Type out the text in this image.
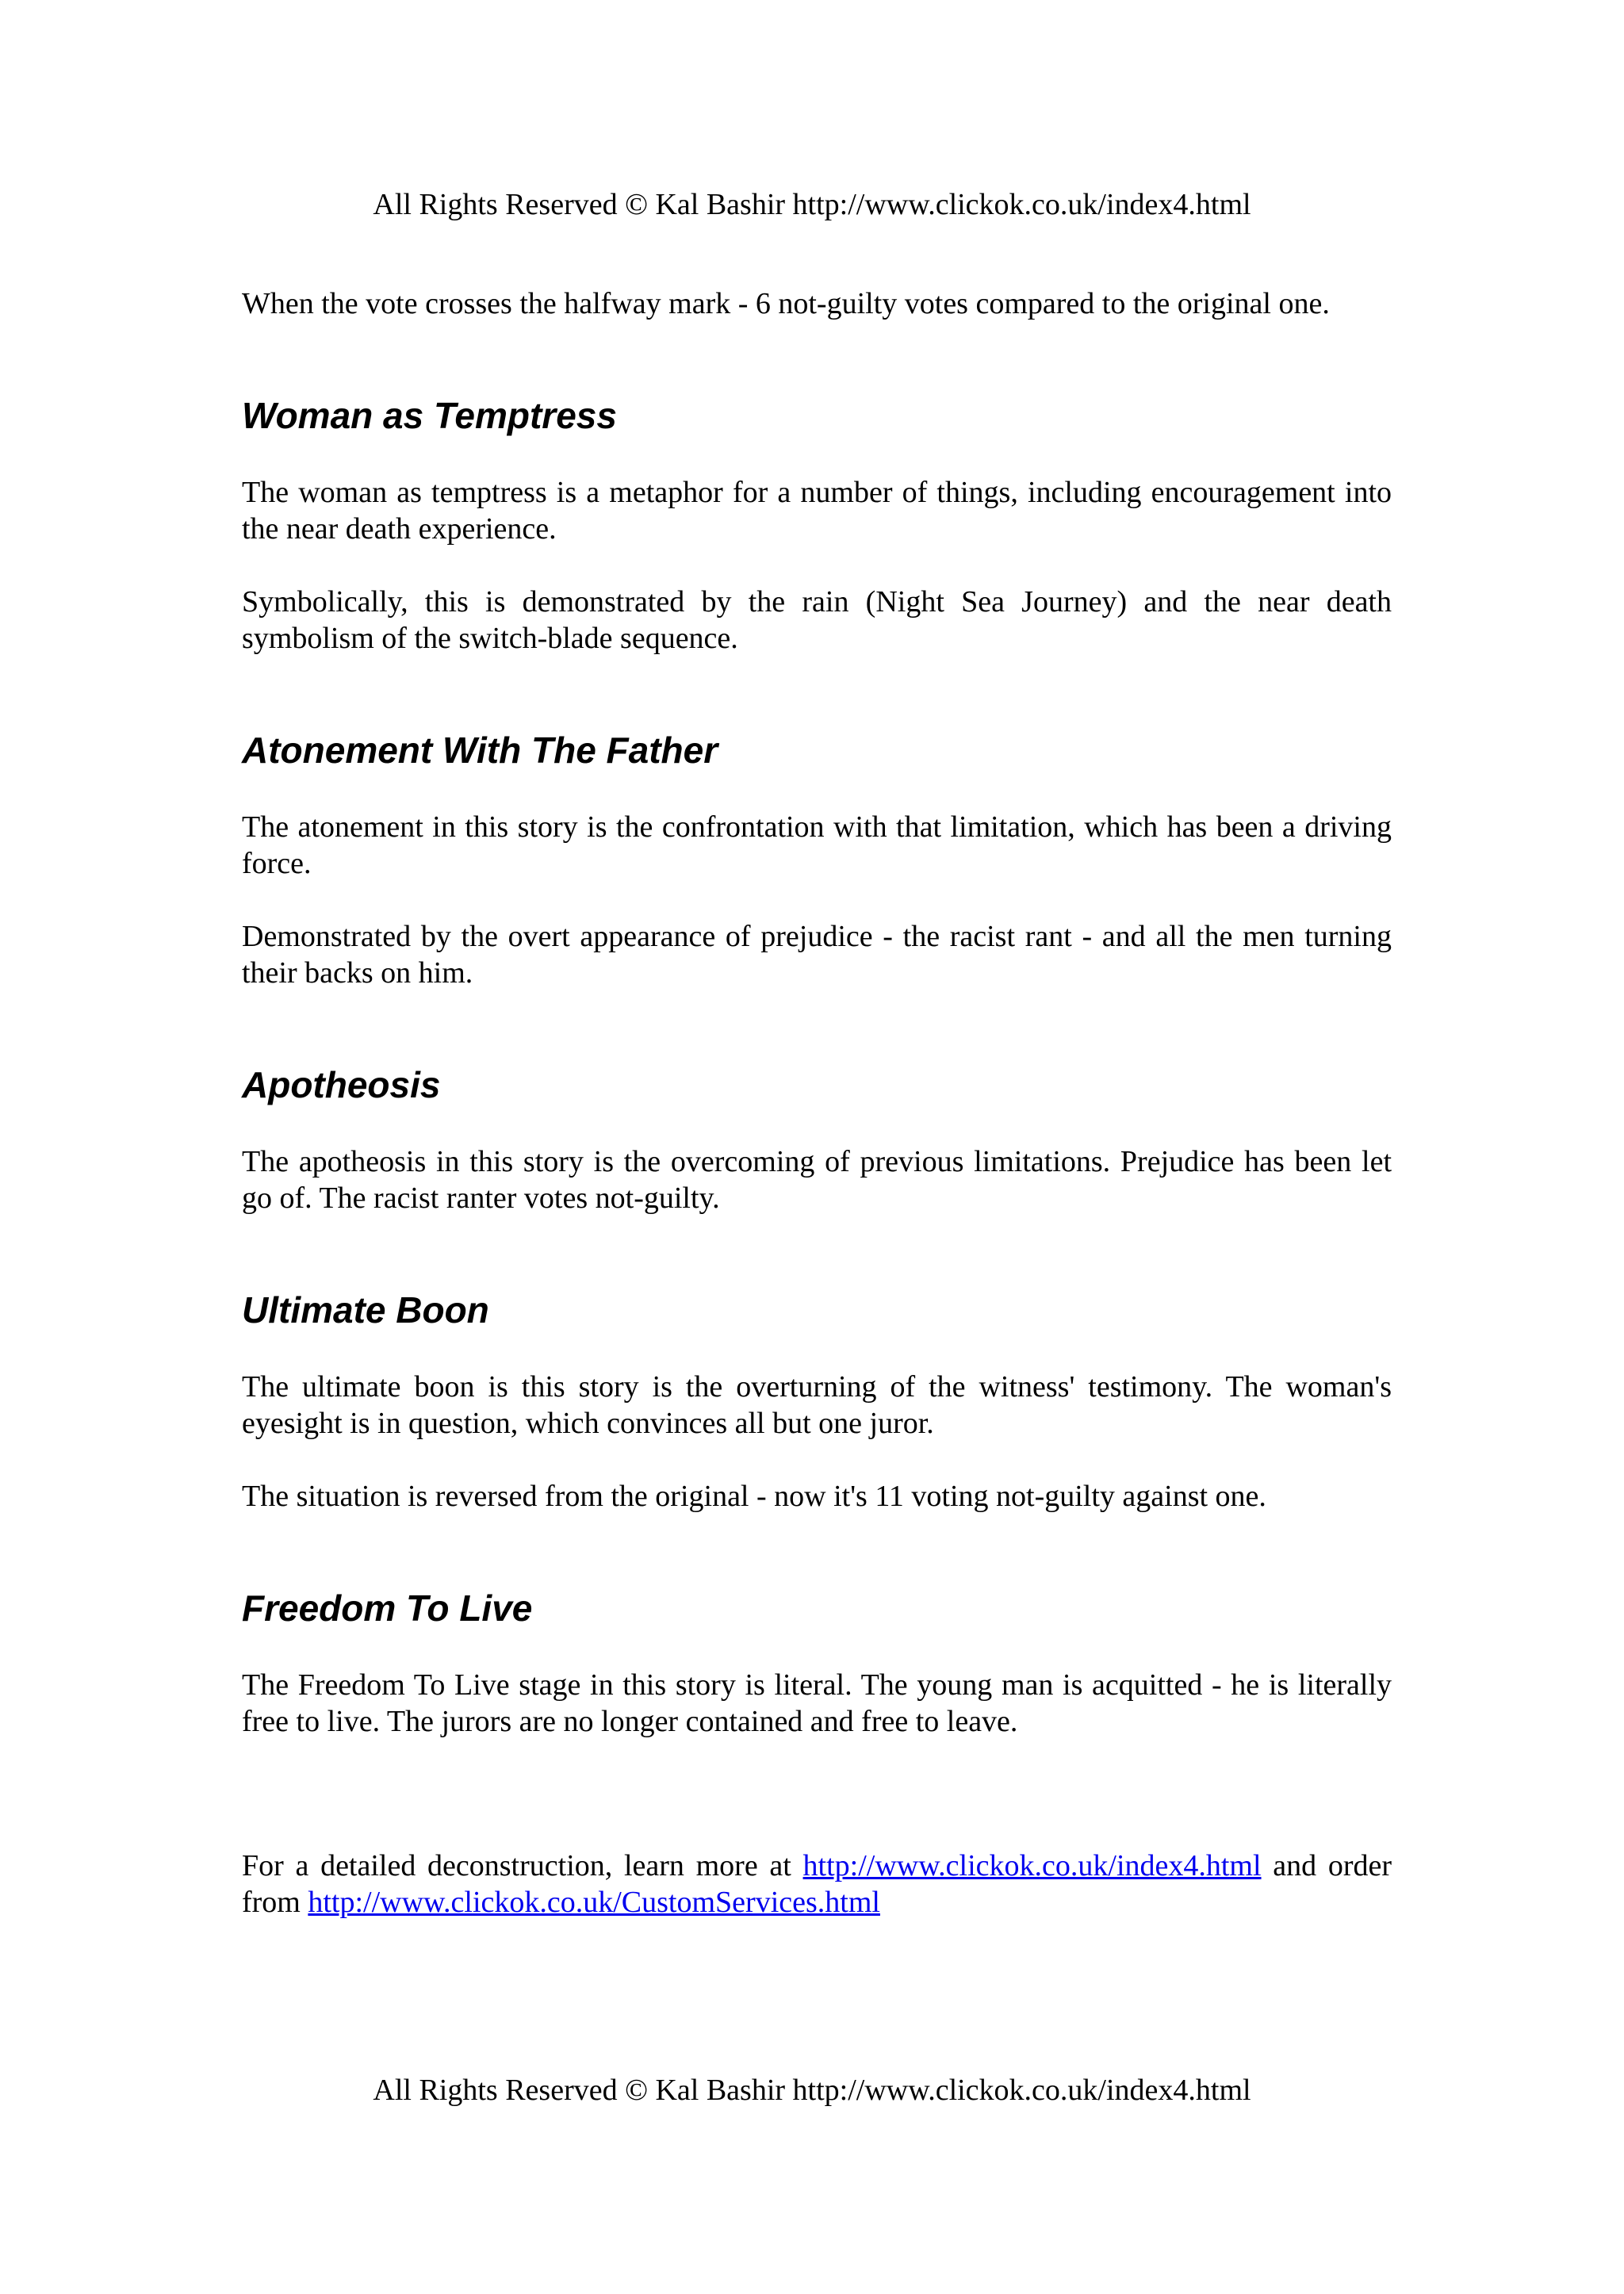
All Rights Reserved © Kal Bashir http://www.clickok.co.uk/index4.html

When the vote crosses the halfway mark - 6 not-guilty votes compared to the original one.

Woman as Temptress

The woman as temptress is a metaphor for a number of things, including encouragement into the near death experience.

Symbolically, this is demonstrated by the rain (Night Sea Journey) and the near death symbolism of the switch-blade sequence.

Atonement With The Father

The atonement in this story is the confrontation with that limitation, which has been a driving force.

Demonstrated by the overt appearance of prejudice - the racist rant - and all the men turning their backs on him.

Apotheosis

The apotheosis in this story is the overcoming of previous limitations. Prejudice has been let go of. The racist ranter votes not-guilty.

Ultimate Boon

The ultimate boon is this story is the overturning of the witness' testimony. The woman's eyesight is in question, which convinces all but one juror.

The situation is reversed from the original - now it's 11 voting not-guilty against one.

Freedom To Live

The Freedom To Live stage in this story is literal. The young man is acquitted - he is literally free to live. The jurors are no longer contained and free to leave.

For a detailed deconstruction, learn more at http://www.clickok.co.uk/index4.html and order from http://www.clickok.co.uk/CustomServices.html

All Rights Reserved © Kal Bashir http://www.clickok.co.uk/index4.html
